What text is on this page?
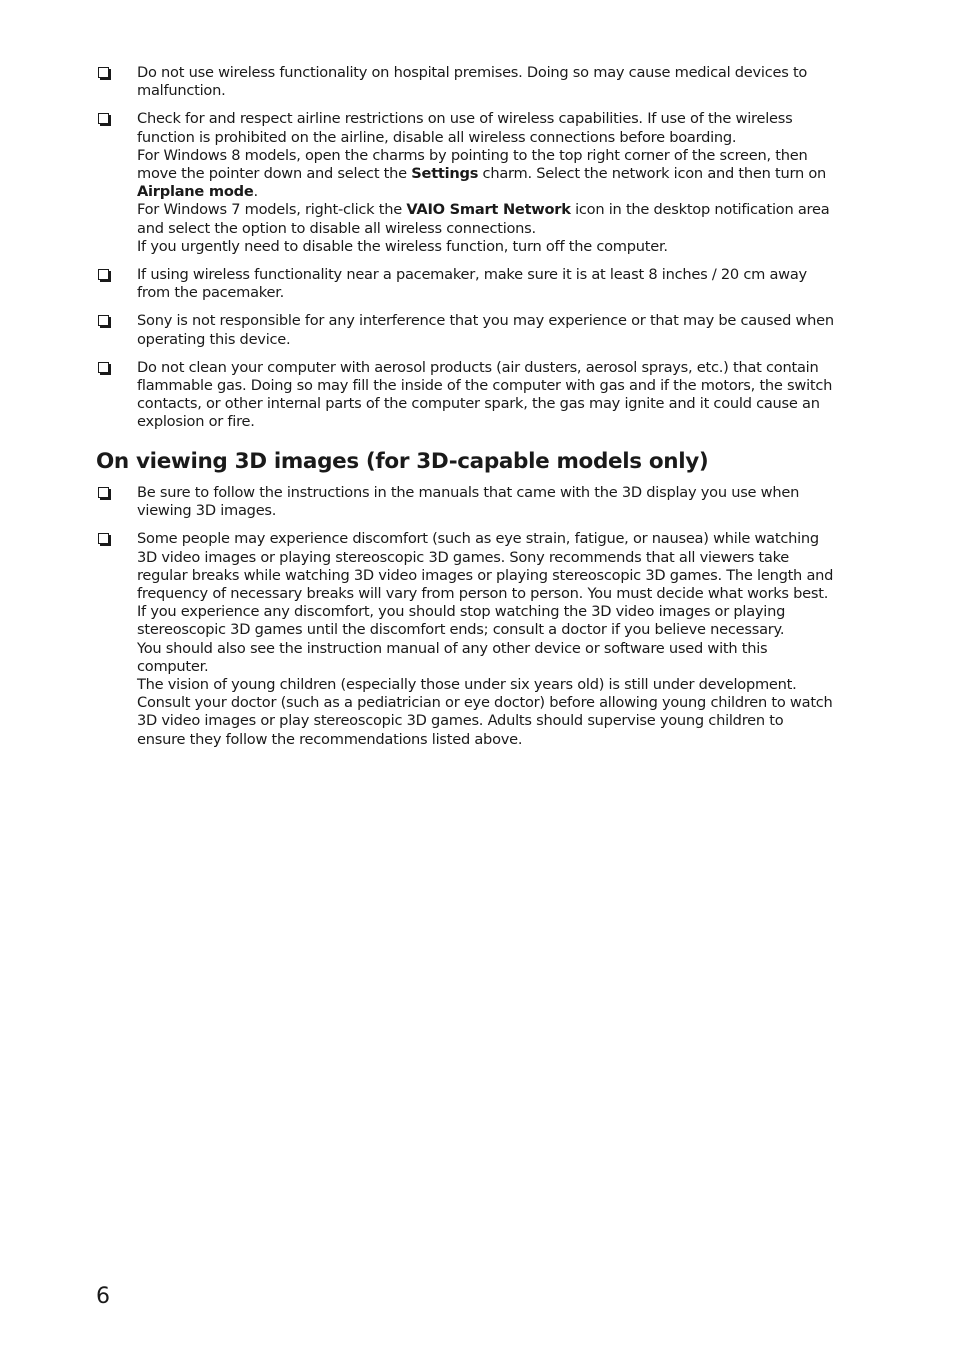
Do not use wireless functionality on hospital premises. Doing so may cause medical devices to malfunction.

Check for and respect airline restrictions on use of wireless capabilities. If use of the wireless function is prohibited on the airline, disable all wireless connections before boarding.

For Windows 8 models, open the charms by pointing to the top right corner of the screen, then move the pointer down and select the Settings charm. Select the network icon and then turn on Airplane mode.

For Windows 7 models, right-click the VAIO Smart Network icon in the desktop notification area and select the option to disable all wireless connections.

If you urgently need to disable the wireless function, turn off the computer.

If using wireless functionality near a pacemaker, make sure it is at least 8 inches / 20 cm away from the pacemaker.

Sony is not responsible for any interference that you may experience or that may be caused when operating this device.

Do not clean your computer with aerosol products (air dusters, aerosol sprays, etc.) that contain flammable gas. Doing so may fill the inside of the computer with gas and if the motors, the switch contacts, or other internal parts of the computer spark, the gas may ignite and it could cause an explosion or fire.

On viewing 3D images (for 3D-capable models only)

Be sure to follow the instructions in the manuals that came with the 3D display you use when viewing 3D images.

Some people may experience discomfort (such as eye strain, fatigue, or nausea) while watching 3D video images or playing stereoscopic 3D games. Sony recommends that all viewers take regular breaks while watching 3D video images or playing stereoscopic 3D games. The length and frequency of necessary breaks will vary from person to person. You must decide what works best. If you experience any discomfort, you should stop watching the 3D video images or playing stereoscopic 3D games until the discomfort ends; consult a doctor if you believe necessary.

You should also see the instruction manual of any other device or software used with this computer.

The vision of young children (especially those under six years old) is still under development. Consult your doctor (such as a pediatrician or eye doctor) before allowing young children to watch 3D video images or play stereoscopic 3D games. Adults should supervise young children to ensure they follow the recommendations listed above.

6
